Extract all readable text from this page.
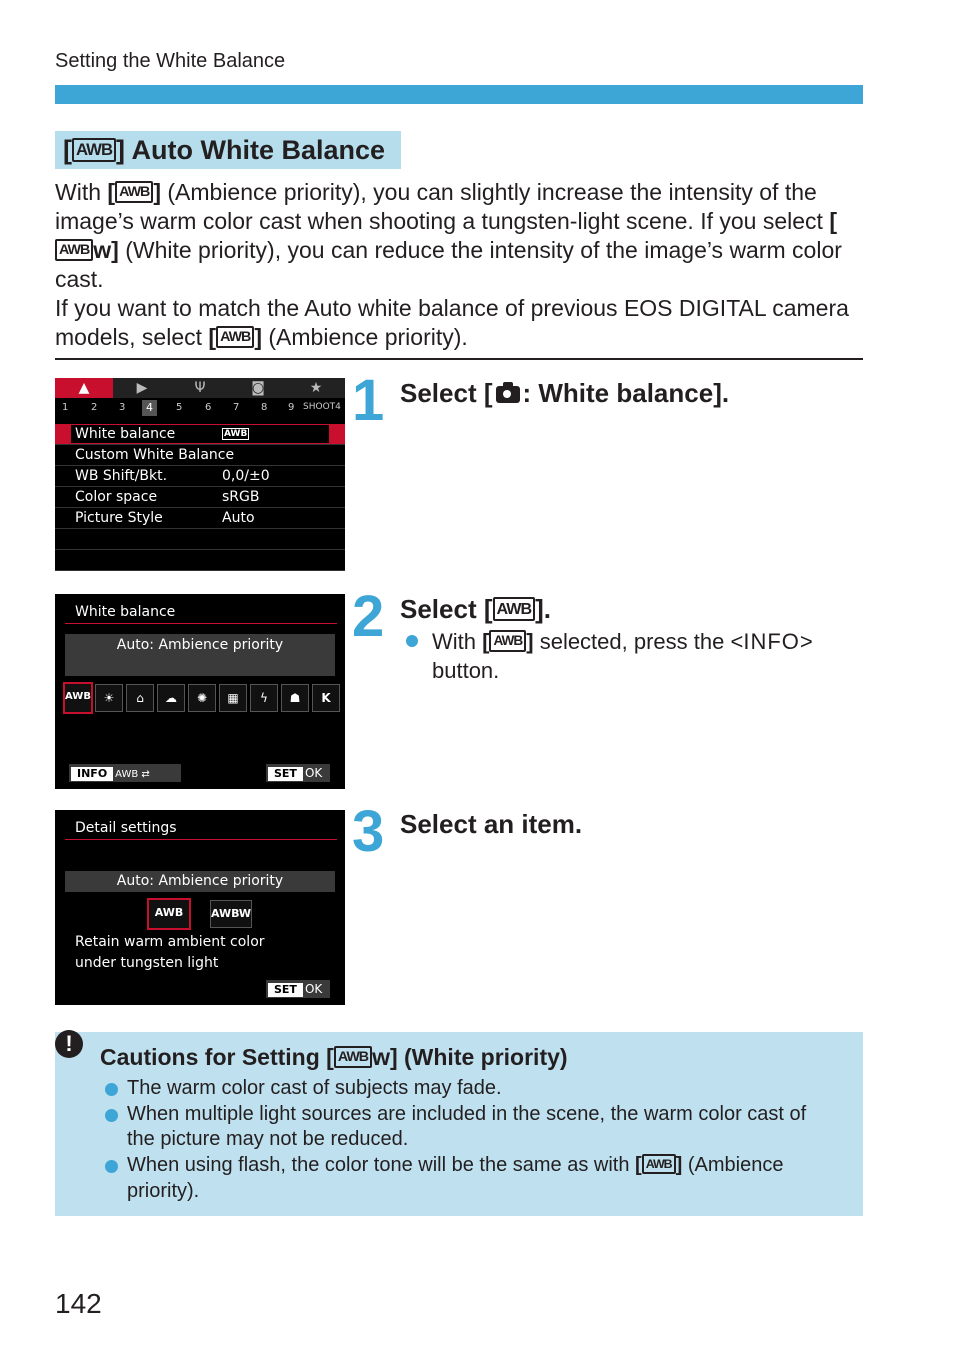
Setting the White Balance
[ AWB ] Auto White Balance

With [ AWB ] (Ambience priority), you can slightly increase the intensity of the image’s warm color cast when shooting a tungsten-light scene. If you select [AWB w] (White priority), you can reduce the intensity of the image’s warm color cast.

If you want to match the Auto white balance of previous EOS DIGITAL camera models, select [ AWB ] (Ambience priority).

▲	▶	Ψ	◙	★
1 2 3	4	5 6 7 8 9 SHOOT4
White balance	AWB
Custom White Balance
WB Shift/Bkt.	0,0/±0
Color space	sRGB
Picture Style	Auto
1 Select [ : White balance].
White balance
Auto: Ambience priority
AWB	☀	⌂	☁	✺	▦	ϟ	☗	K
INFO AWB ⇄ AWBW
SET OK
2 Select [ AWB ].
With [ AWB ] selected, press the <INFO>
button.
Detail settings
Auto: Ambience priority
AWB	AWBW
Retain warm ambient color
under tungsten light
SET OK
3 Select an item.
!
Cautions for Setting [ AWB w] (White priority)
The warm color cast of subjects may fade.
When multiple light sources are included in the scene, the warm color cast of
the picture may not be reduced.
When using flash, the color tone will be the same as with [ AWB ] (Ambience
priority).
142
